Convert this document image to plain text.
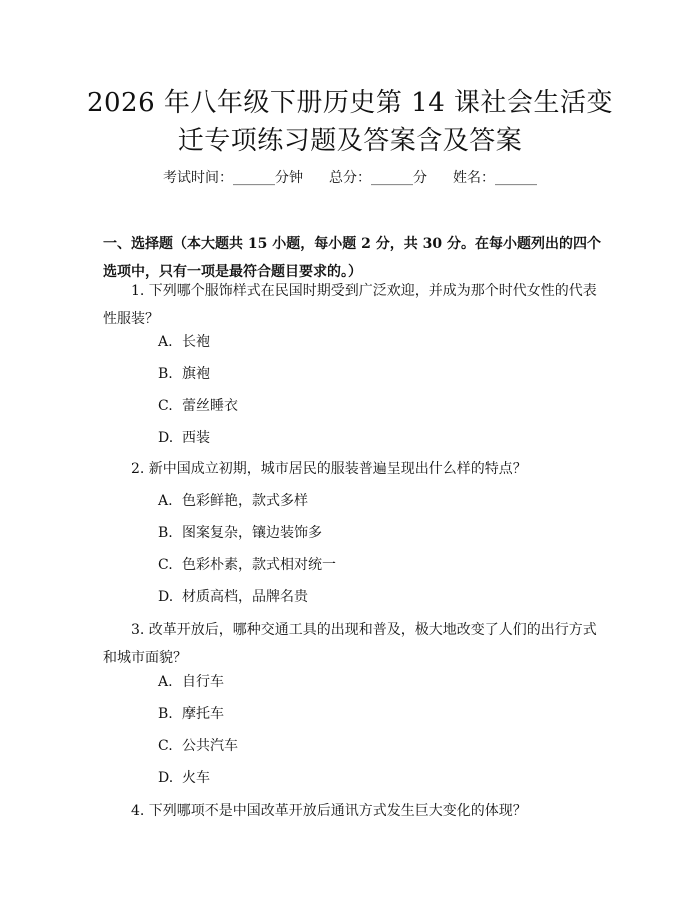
2026 年八年级下册历史第 14 课社会生活变
迁专项练习题及答案含及答案
考试时间：______分钟 总分：______分 姓名：______
一、选择题（本大题共 15 小题，每小题 2 分，共 30 分。在每小题列出的四个选项中，只有一项是最符合题目要求的。）
1. 下列哪个服饰样式在民国时期受到广泛欢迎，并成为那个时代女性的代表性服装？
A. 长袍
B. 旗袍
C. 蕾丝睡衣
D. 西装
2. 新中国成立初期，城市居民的服装普遍呈现出什么样的特点？
A. 色彩鲜艳，款式多样
B. 图案复杂，镶边装饰多
C. 色彩朴素，款式相对统一
D. 材质高档，品牌名贵
3. 改革开放后，哪种交通工具的出现和普及，极大地改变了人们的出行方式和城市面貌？
A. 自行车
B. 摩托车
C. 公共汽车
D. 火车
4. 下列哪项不是中国改革开放后通讯方式发生巨大变化的体现？
